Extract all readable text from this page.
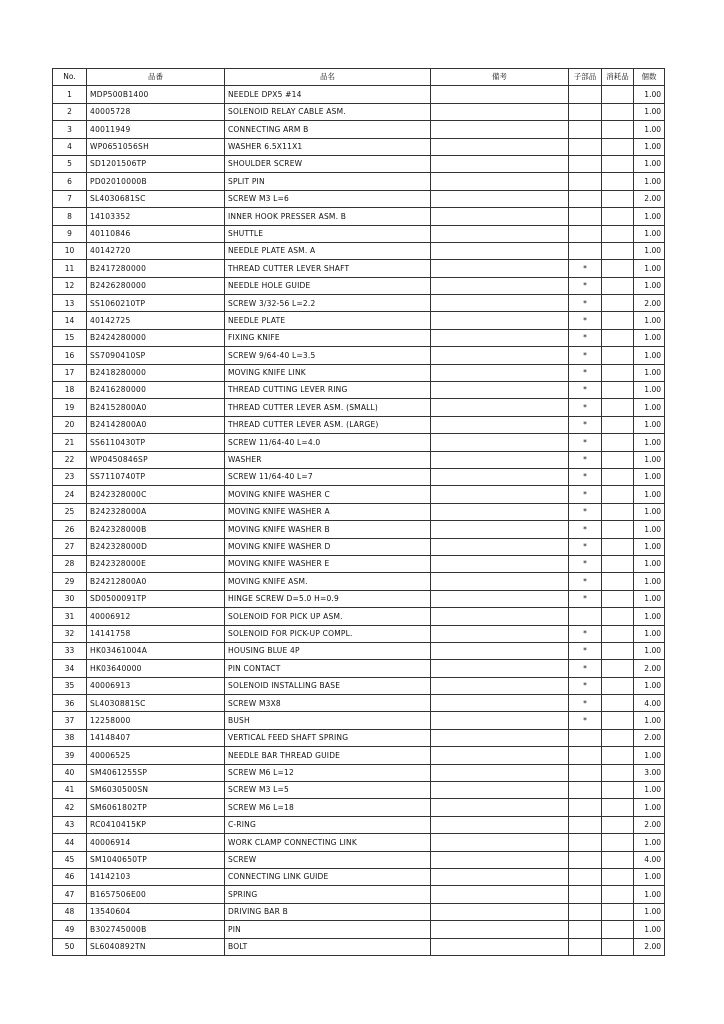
No.	品番	品名	備考	子部品	消耗品	個数
1	MDP500B1400	NEEDLE DPX5 #14				1.00
2	40005728	SOLENOID RELAY CABLE ASM.				1.00
3	40011949	CONNECTING ARM B				1.00
4	WP0651056SH	WASHER 6.5X11X1				1.00
5	SD1201506TP	SHOULDER SCREW				1.00
6	PD02010000B	SPLIT PIN				1.00
7	SL4030681SC	SCREW M3 L=6				2.00
8	14103352	INNER HOOK PRESSER ASM. B				1.00
9	40110846	SHUTTLE				1.00
10	40142720	NEEDLE PLATE ASM. A				1.00
11	B2417280000	THREAD CUTTER LEVER SHAFT		*		1.00
12	B2426280000	NEEDLE HOLE GUIDE		*		1.00
13	SS1060210TP	SCREW 3/32-56 L=2.2		*		2.00
14	40142725	NEEDLE PLATE		*		1.00
15	B2424280000	FIXING KNIFE		*		1.00
16	SS7090410SP	SCREW 9/64-40 L=3.5		*		1.00
17	B2418280000	MOVING KNIFE LINK		*		1.00
18	B2416280000	THREAD CUTTING LEVER RING		*		1.00
19	B24152800A0	THREAD CUTTER LEVER ASM. (SMALL)		*		1.00
20	B24142800A0	THREAD CUTTER LEVER ASM. (LARGE)		*		1.00
21	SS6110430TP	SCREW 11/64-40 L=4.0		*		1.00
22	WP0450846SP	WASHER		*		1.00
23	SS7110740TP	SCREW 11/64-40 L=7		*		1.00
24	B242328000C	MOVING KNIFE WASHER C		*		1.00
25	B242328000A	MOVING KNIFE WASHER A		*		1.00
26	B242328000B	MOVING KNIFE WASHER B		*		1.00
27	B242328000D	MOVING KNIFE WASHER D		*		1.00
28	B242328000E	MOVING KNIFE WASHER E		*		1.00
29	B24212800A0	MOVING KNIFE ASM.		*		1.00
30	SD0500091TP	HINGE SCREW D=5.0 H=0.9		*		1.00
31	40006912	SOLENOID FOR PICK UP ASM.				1.00
32	14141758	SOLENOID FOR PICK-UP COMPL.		*		1.00
33	HK03461004A	HOUSING BLUE 4P		*		1.00
34	HK03640000	PIN CONTACT		*		2.00
35	40006913	SOLENOID INSTALLING BASE		*		1.00
36	SL4030881SC	SCREW M3X8		*		4.00
37	12258000	BUSH		*		1.00
38	14148407	VERTICAL FEED SHAFT SPRING				2.00
39	40006525	NEEDLE BAR THREAD GUIDE				1.00
40	SM4061255SP	SCREW M6 L=12				3.00
41	SM6030500SN	SCREW M3 L=5				1.00
42	SM6061802TP	SCREW M6 L=18				1.00
43	RC0410415KP	C-RING				2.00
44	40006914	WORK CLAMP CONNECTING LINK				1.00
45	SM1040650TP	SCREW				4.00
46	14142103	CONNECTING LINK GUIDE				1.00
47	B1657506E00	SPRING				1.00
48	13540604	DRIVING BAR B				1.00
49	B302745000B	PIN				1.00
50	SL6040892TN	BOLT				2.00
